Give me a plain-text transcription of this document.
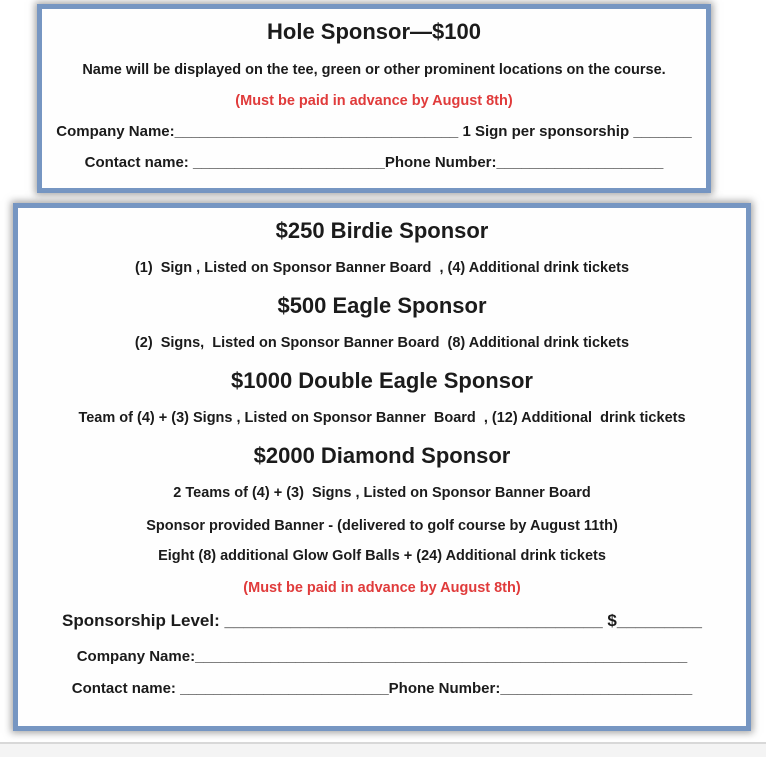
Hole Sponsor—$100

Name will be displayed on the tee, green or other prominent locations on the course.

(Must be paid in advance by August 8th)

Company Name:__________________________________ 1 Sign per sponsorship _______

Contact name: _______________________Phone Number:____________________

$250 Birdie Sponsor

(1)  Sign , Listed on Sponsor Banner Board  , (4) Additional drink tickets

$500 Eagle Sponsor

(2)  Signs,  Listed on Sponsor Banner Board  (8) Additional drink tickets

$1000 Double Eagle Sponsor

Team of (4) + (3) Signs , Listed on Sponsor Banner  Board  , (12) Additional  drink tickets

$2000 Diamond Sponsor

2 Teams of (4) + (3)  Signs , Listed on Sponsor Banner Board

Sponsor provided Banner - (delivered to golf course by August 11th)

Eight (8) additional Glow Golf Balls + (24) Additional drink tickets

(Must be paid in advance by August 8th)

Sponsorship Level: ________________________________________ $_________

Company Name:___________________________________________________________

Contact name: _________________________Phone Number:_______________________
